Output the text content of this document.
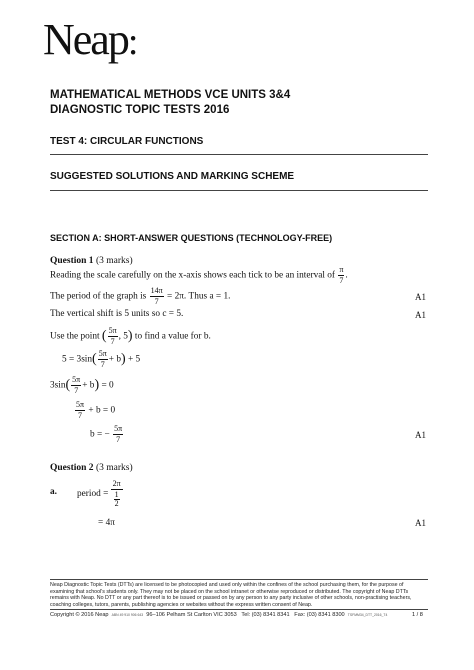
Neap:
MATHEMATICAL METHODS VCE UNITS 3&4
DIAGNOSTIC TOPIC TESTS 2016
TEST 4: CIRCULAR FUNCTIONS
SUGGESTED SOLUTIONS AND MARKING SCHEME
SECTION A: SHORT-ANSWER QUESTIONS (TECHNOLOGY-FREE)
Question 1 (3 marks)
Reading the scale carefully on the x-axis shows each tick to be an interval of $\frac{\pi}{7}$ .
The period of the graph is $\frac{14\pi}{7} = 2\pi$. Thus a = 1.	A1
The vertical shift is 5 units so c = 5.	A1
Use the point ( $\frac{5\pi}{7}$ , 5) to find a value for b.
$5 = 3\sin( \frac{5\pi}{7} + b) + 5$
$3\sin( \frac{5\pi}{7} + b) = 0$
$\frac{5\pi}{7} + b = 0$
b = − $\frac{5\pi}{7}$	A1
Question 2 (3 marks)
a. period = $\frac{2\pi}{\frac{1}{2}}$
= 4π	A1
Neap Diagnostic Topic Tests (DTTs) are licensed to be photocopied and used only within the confines of the school purchasing them, for the purpose of examining that school's students only. They may not be placed on the school intranet or otherwise reproduced or distributed. The copyright of Neap DTTs remains with Neap. No DTT or any part thereof is to be issued or passed on by any person to any party inclusive of other schools, non-practising teachers, coaching colleges, tutors, parents, publishing agencies or websites without the express written consent of Neap.
Copyright © 2016 Neap ABN 49 910 906 643 96–106 Pelham St Carlton VIC 3053 Tel: (03) 8341 8341 Fax: (03) 8341 8300 TSFMM34_DTT_2016_T4	1 / 8
